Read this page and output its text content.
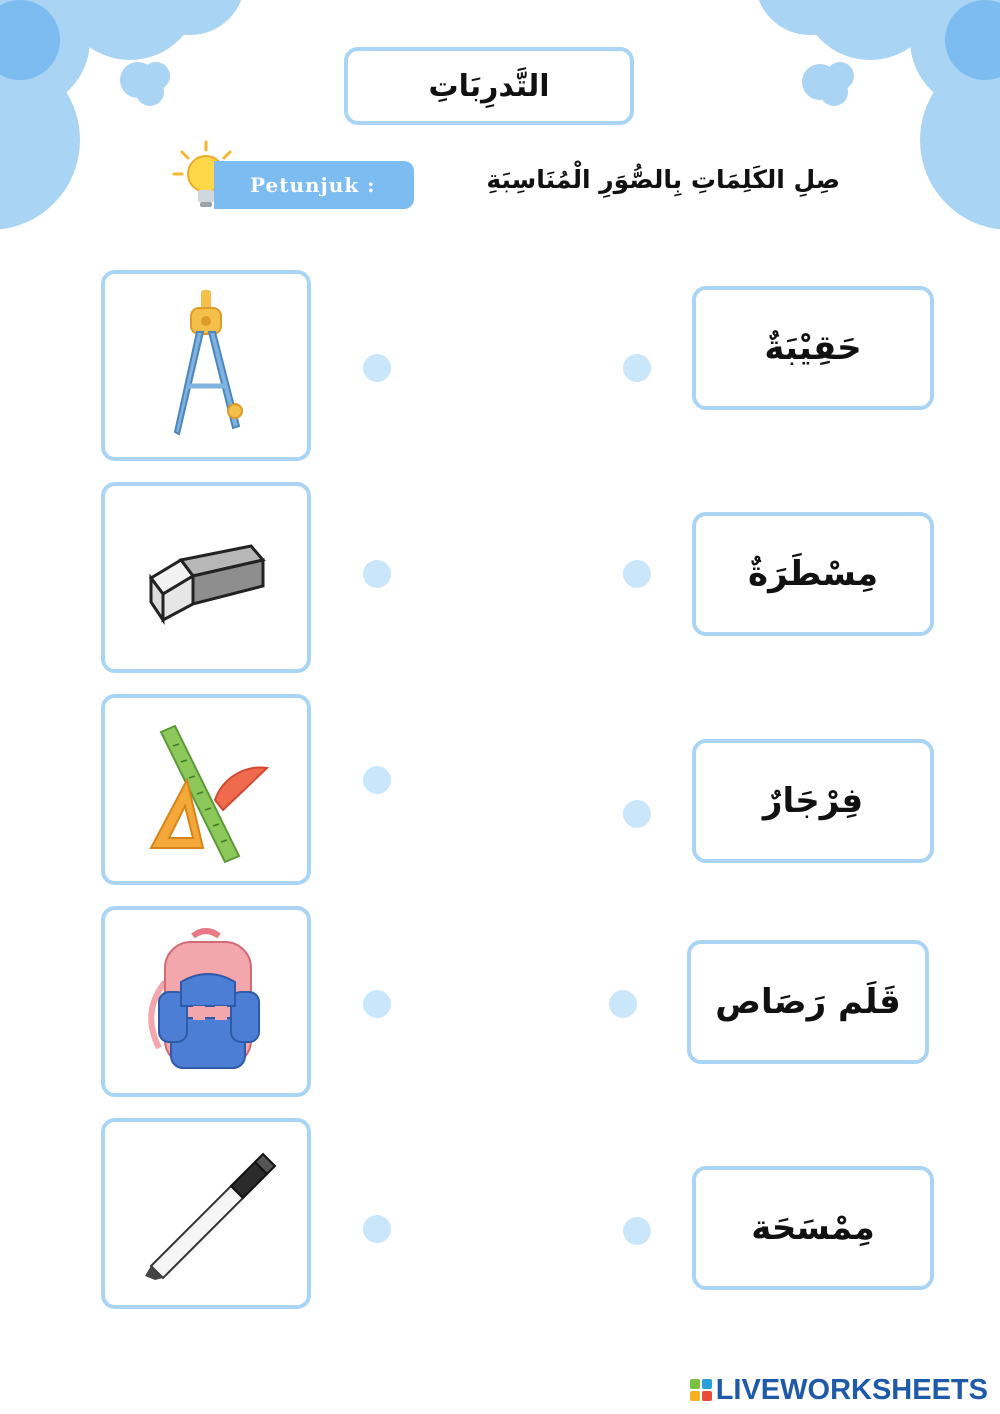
التَّدرِبَاتِ
Petunjuk :	صِلِ الكَلِمَاتِ بِالصُّوَرِ الْمُنَاسِبَةِ
حَقِيْبَةٌ
مِسْطَرَةٌ
فِرْجَارٌ
قَلَم رَصَاص
مِمْسَحَة
LIVEWORKSHEETS
